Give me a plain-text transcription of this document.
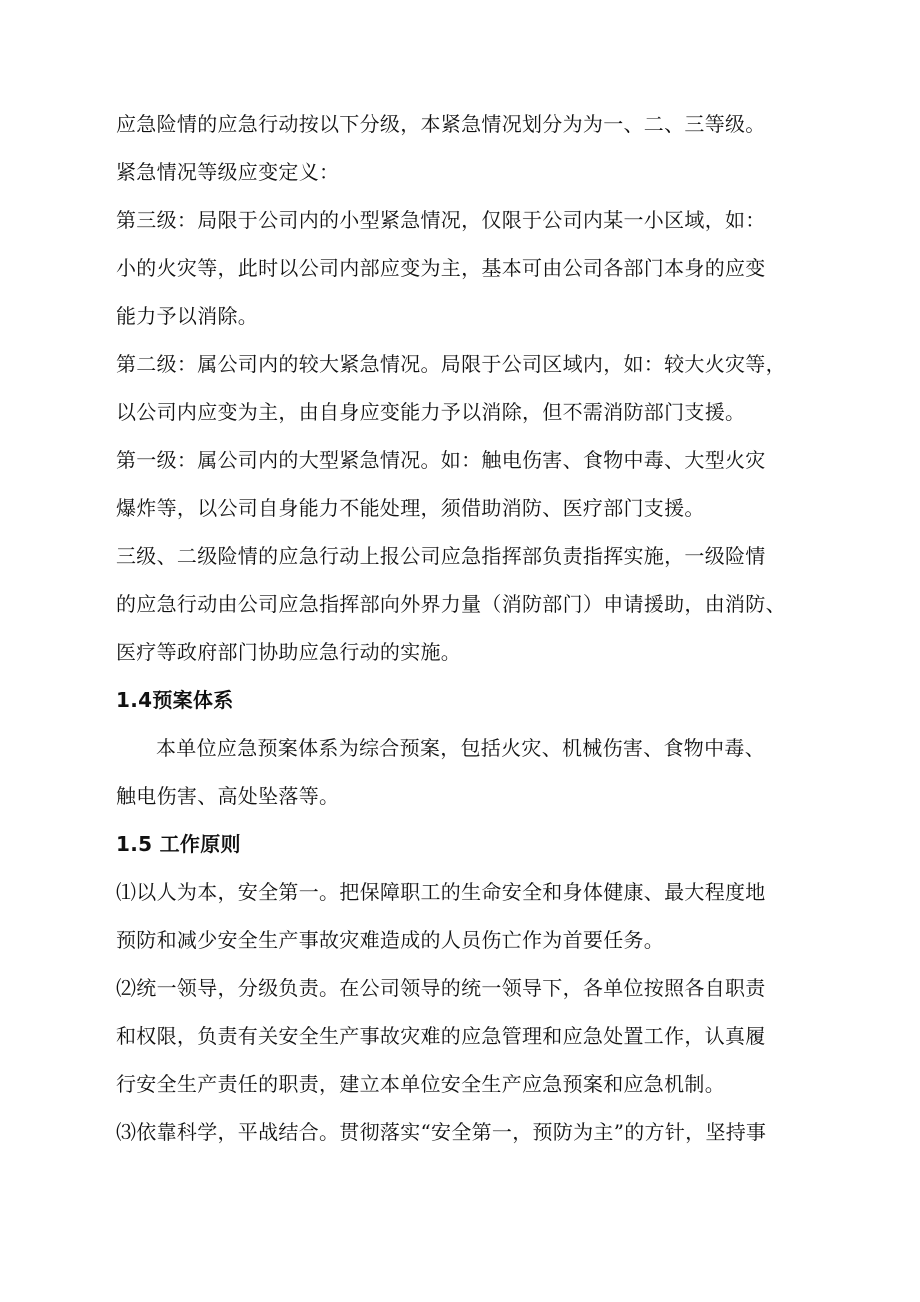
应急险情的应急行动按以下分级，本紧急情况划分为为一、二、三等级。
紧急情况等级应变定义：
第三级：局限于公司内的小型紧急情况，仅限于公司内某一小区域，如：
小的火灾等，此时以公司内部应变为主，基本可由公司各部门本身的应变
能力予以消除。
第二级：属公司内的较大紧急情况。局限于公司区域内，如：较大火灾等，
以公司内应变为主，由自身应变能力予以消除，但不需消防部门支援。
第一级：属公司内的大型紧急情况。如：触电伤害、食物中毒、大型火灾
爆炸等，以公司自身能力不能处理，须借助消防、医疗部门支援。
三级、二级险情的应急行动上报公司应急指挥部负责指挥实施，一级险情
的应急行动由公司应急指挥部向外界力量（消防部门）申请援助，由消防、
医疗等政府部门协助应急行动的实施。
1.4预案体系
本单位应急预案体系为综合预案，包括火灾、机械伤害、食物中毒、
触电伤害、高处坠落等。
1.5 工作原则
⑴以人为本，安全第一。把保障职工的生命安全和身体健康、最大程度地
预防和减少安全生产事故灾难造成的人员伤亡作为首要任务。
⑵统一领导，分级负责。在公司领导的统一领导下，各单位按照各自职责
和权限，负责有关安全生产事故灾难的应急管理和应急处置工作，认真履
行安全生产责任的职责，建立本单位安全生产应急预案和应急机制。
⑶依靠科学，平战结合。贯彻落实“安全第一，预防为主”的方针，坚持事
